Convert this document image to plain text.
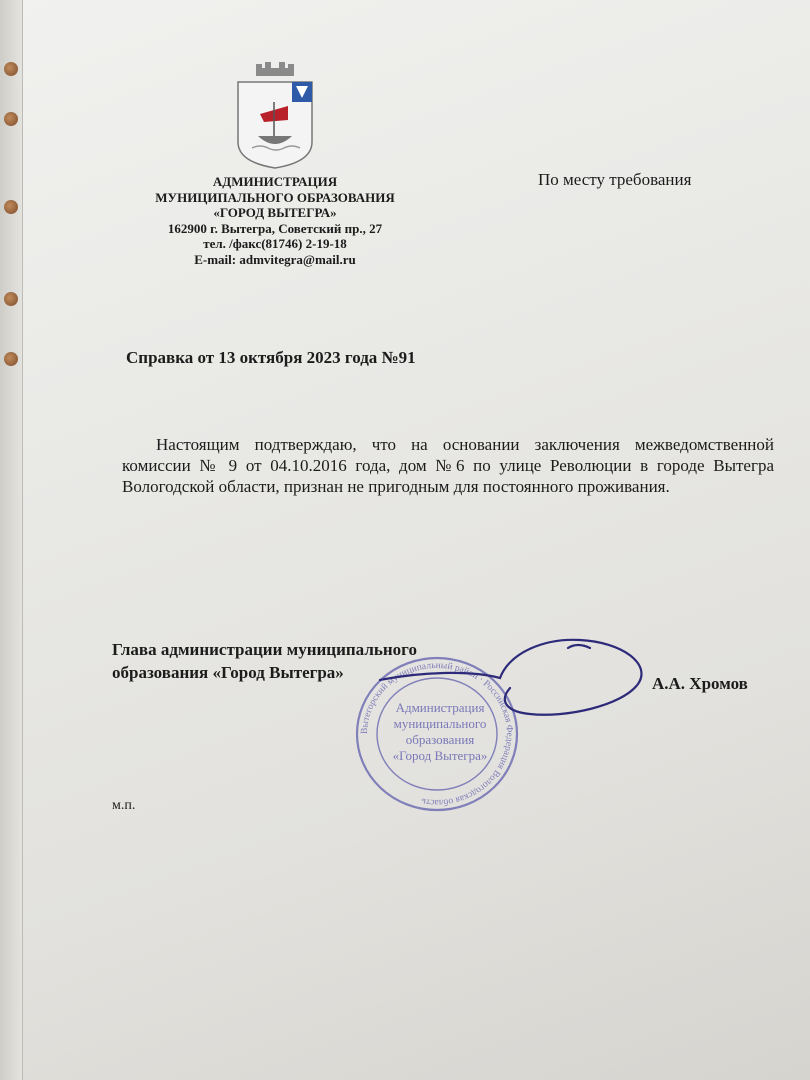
АДМИНИСТРАЦИЯ

МУНИЦИПАЛЬНОГО ОБРАЗОВАНИЯ

«ГОРОД ВЫТЕГРА»

162900 г. Вытегра, Советский пр., 27

тел. /факс(81746) 2-19-18

E-mail: admvitegra@mail.ru

По месту требования
Справка от 13 октября 2023 года №91

Настоящим подтверждаю, что на основании заключения межведомственной комиссии № 9 от 04.10.2016 года, дом №6 по улице Революции в городе Вытегра Вологодской области, признан не пригодным для постоянного проживания.

Глава администрации муниципального
образования «Город Вытегра»
Вытегорский муниципальный район · Российская Федерация Вологодская область
Администрация
муниципального
образования
«Город Вытегра»
А.А. Хромов
м.п.
